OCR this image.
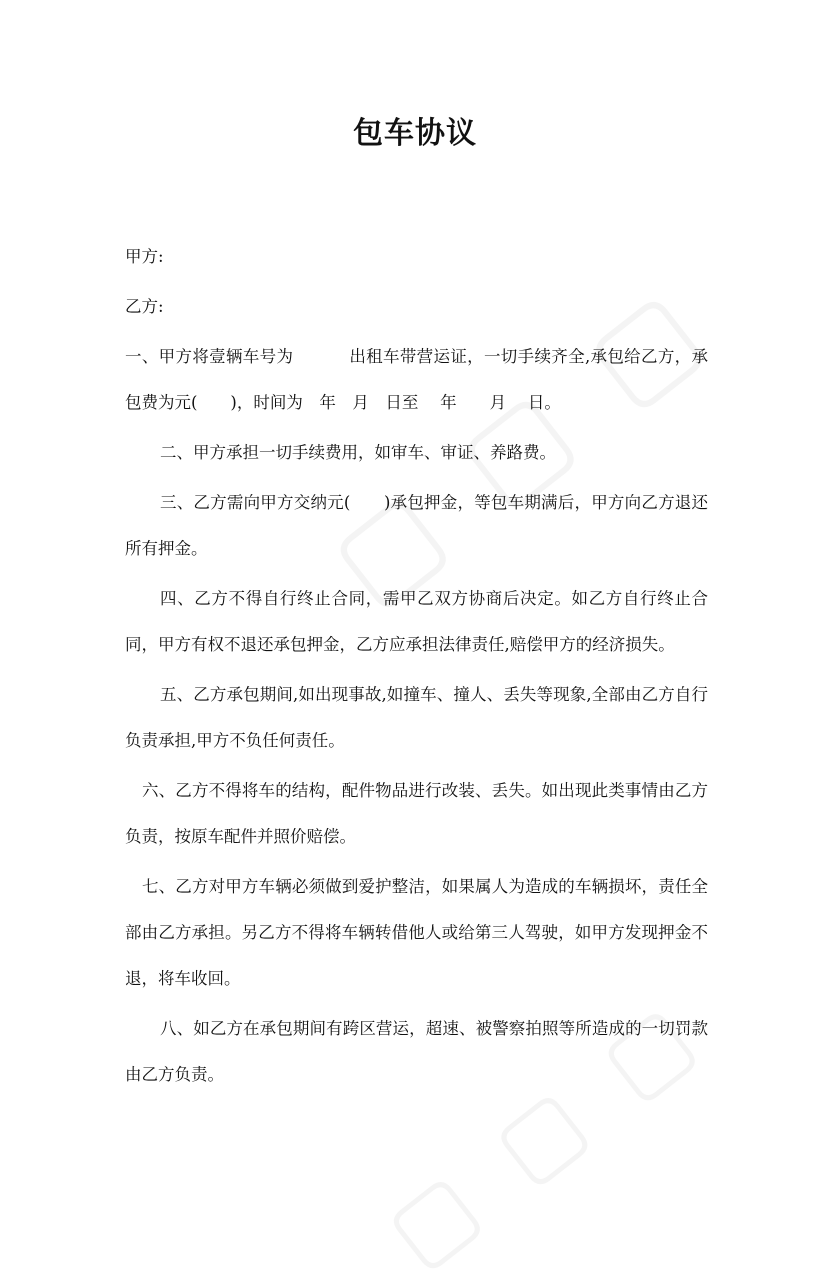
包车协议

甲方:

乙方:

一、甲方将壹辆车号为　　　 出租车带营运证，一切手续齐全,承包给乙方，承包费为元(　　)，时间为　年　月　日至　 年　　月　 日。

二、甲方承担一切手续费用，如审车、审证、养路费。

三、乙方需向甲方交纳元(　　)承包押金，等包车期满后，甲方向乙方退还所有押金。

四、乙方不得自行终止合同，需甲乙双方协商后决定。如乙方自行终止合同，甲方有权不退还承包押金，乙方应承担法律责任,赔偿甲方的经济损失。

五、乙方承包期间,如出现事故,如撞车、撞人、丢失等现象,全部由乙方自行负责承担,甲方不负任何责任。

六、乙方不得将车的结构，配件物品进行改装、丢失。如出现此类事情由乙方负责，按原车配件并照价赔偿。

七、乙方对甲方车辆必须做到爱护整洁，如果属人为造成的车辆损坏，责任全部由乙方承担。另乙方不得将车辆转借他人或给第三人驾驶，如甲方发现押金不退，将车收回。

八、如乙方在承包期间有跨区营运，超速、被警察拍照等所造成的一切罚款由乙方负责。
